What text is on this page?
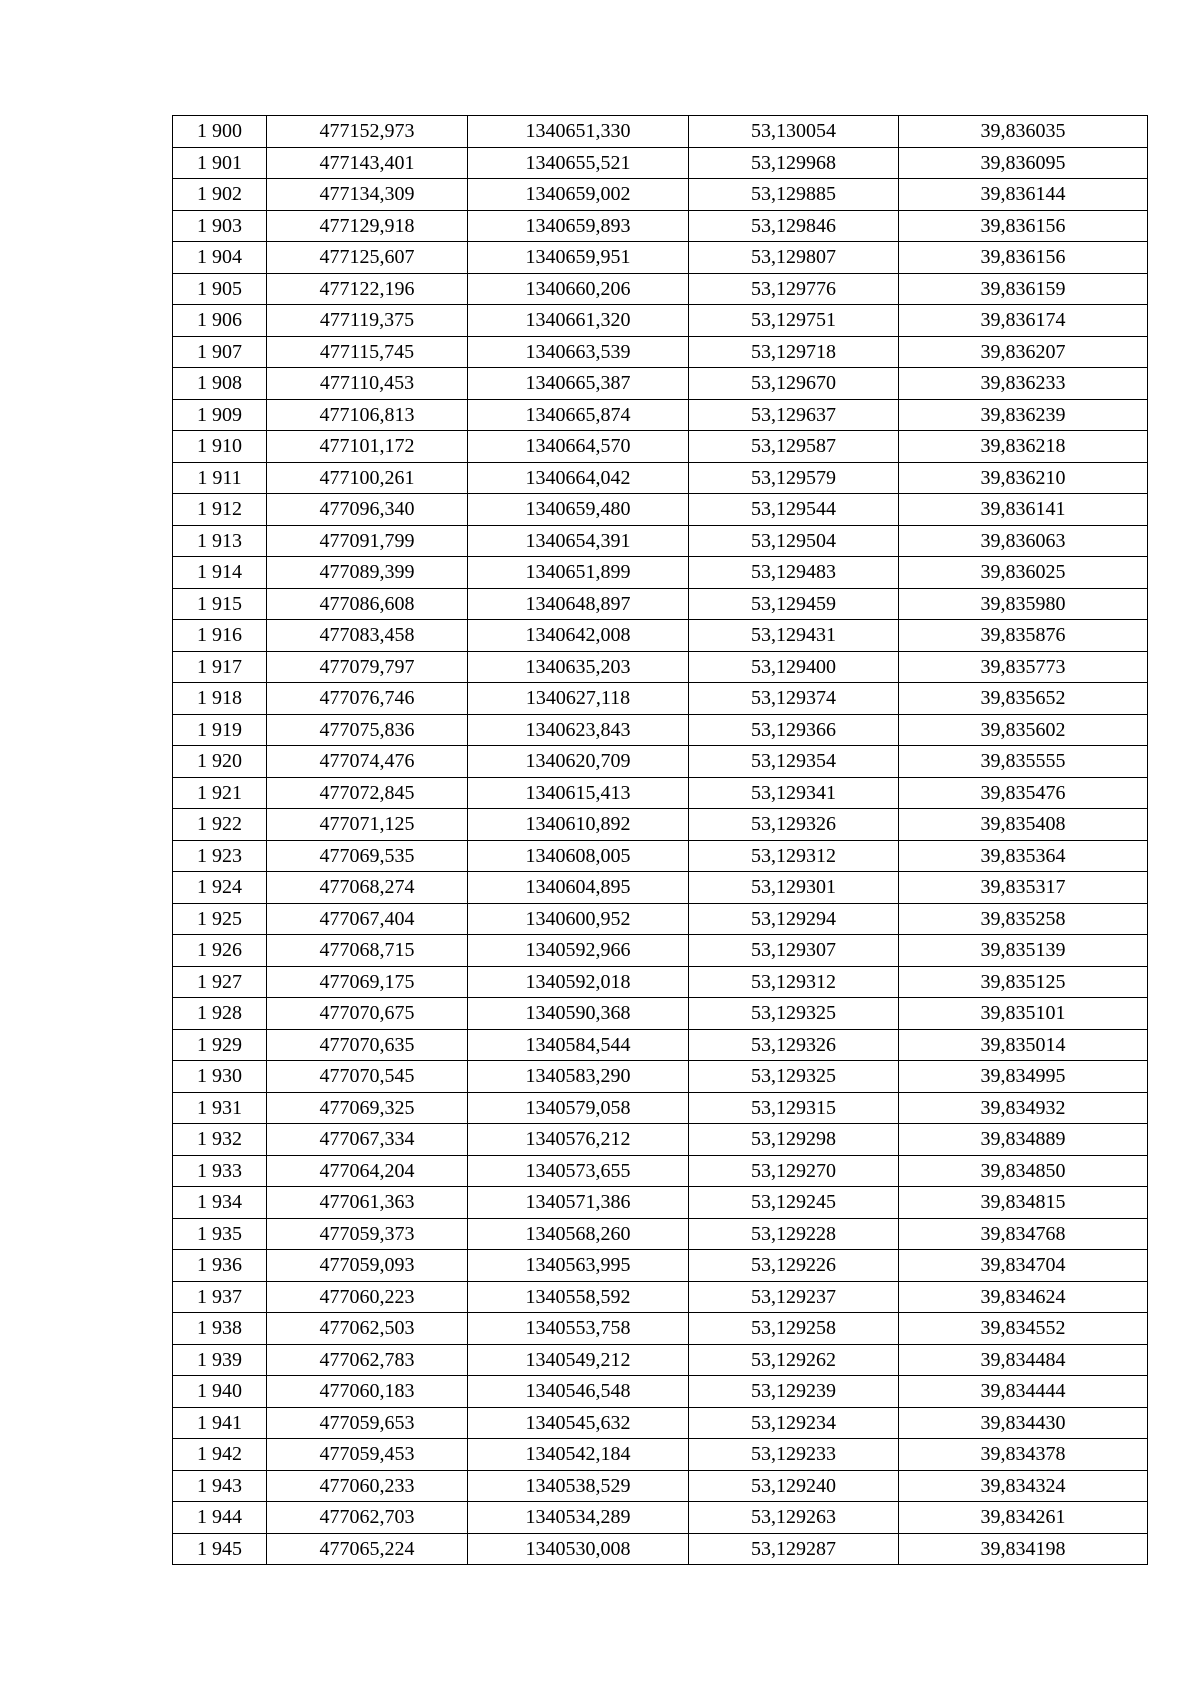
1 900	477152,973	1340651,330	53,130054	39,836035
1 901	477143,401	1340655,521	53,129968	39,836095
1 902	477134,309	1340659,002	53,129885	39,836144
1 903	477129,918	1340659,893	53,129846	39,836156
1 904	477125,607	1340659,951	53,129807	39,836156
1 905	477122,196	1340660,206	53,129776	39,836159
1 906	477119,375	1340661,320	53,129751	39,836174
1 907	477115,745	1340663,539	53,129718	39,836207
1 908	477110,453	1340665,387	53,129670	39,836233
1 909	477106,813	1340665,874	53,129637	39,836239
1 910	477101,172	1340664,570	53,129587	39,836218
1 911	477100,261	1340664,042	53,129579	39,836210
1 912	477096,340	1340659,480	53,129544	39,836141
1 913	477091,799	1340654,391	53,129504	39,836063
1 914	477089,399	1340651,899	53,129483	39,836025
1 915	477086,608	1340648,897	53,129459	39,835980
1 916	477083,458	1340642,008	53,129431	39,835876
1 917	477079,797	1340635,203	53,129400	39,835773
1 918	477076,746	1340627,118	53,129374	39,835652
1 919	477075,836	1340623,843	53,129366	39,835602
1 920	477074,476	1340620,709	53,129354	39,835555
1 921	477072,845	1340615,413	53,129341	39,835476
1 922	477071,125	1340610,892	53,129326	39,835408
1 923	477069,535	1340608,005	53,129312	39,835364
1 924	477068,274	1340604,895	53,129301	39,835317
1 925	477067,404	1340600,952	53,129294	39,835258
1 926	477068,715	1340592,966	53,129307	39,835139
1 927	477069,175	1340592,018	53,129312	39,835125
1 928	477070,675	1340590,368	53,129325	39,835101
1 929	477070,635	1340584,544	53,129326	39,835014
1 930	477070,545	1340583,290	53,129325	39,834995
1 931	477069,325	1340579,058	53,129315	39,834932
1 932	477067,334	1340576,212	53,129298	39,834889
1 933	477064,204	1340573,655	53,129270	39,834850
1 934	477061,363	1340571,386	53,129245	39,834815
1 935	477059,373	1340568,260	53,129228	39,834768
1 936	477059,093	1340563,995	53,129226	39,834704
1 937	477060,223	1340558,592	53,129237	39,834624
1 938	477062,503	1340553,758	53,129258	39,834552
1 939	477062,783	1340549,212	53,129262	39,834484
1 940	477060,183	1340546,548	53,129239	39,834444
1 941	477059,653	1340545,632	53,129234	39,834430
1 942	477059,453	1340542,184	53,129233	39,834378
1 943	477060,233	1340538,529	53,129240	39,834324
1 944	477062,703	1340534,289	53,129263	39,834261
1 945	477065,224	1340530,008	53,129287	39,834198
